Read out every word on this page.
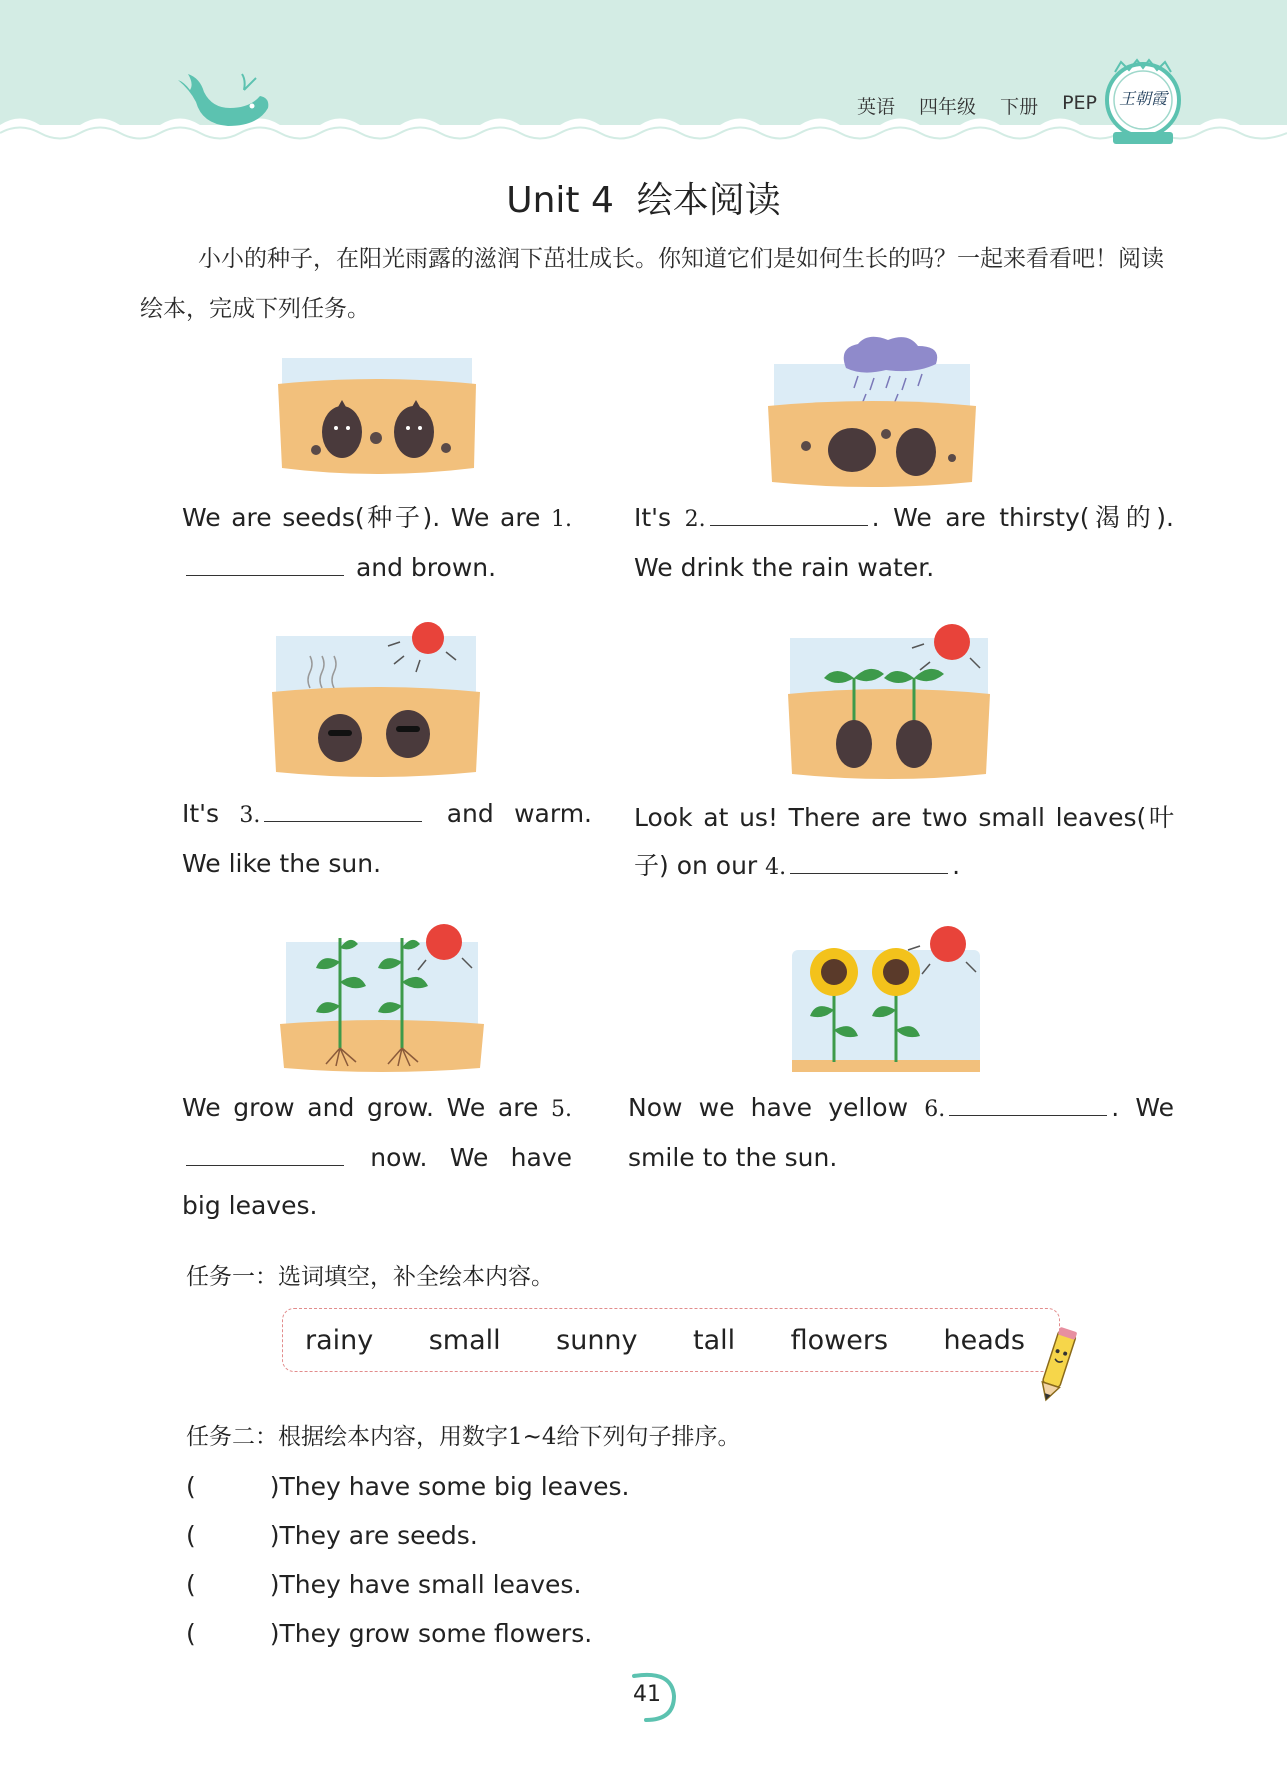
英语 四年级 下册 PEP	王朝霞
Unit 4  绘本阅读
小小的种子，在阳光雨露的滋润下茁壮成长。你知道它们是如何生长的吗？一起来看看吧！阅读绘本，完成下列任务。
We are seeds(种子). We are 1. and brown.
It's 2.	. We are thirsty(渴的). We drink the rain water.
It's 3.	and warm. We like the sun.
Look at us! There are two small leaves(叶子) on our 4.	.
We grow and grow. We are 5. now. We have big leaves.
Now we have yellow 6.	. We smile to the sun.
任务一：选词填空，补全绘本内容。
rainy small sunny tall flowers heads
任务二：根据绘本内容，用数字1~4给下列句子排序。
(	) They have some big leaves.
(	) They are seeds.
(	) They have small leaves.
(	) They grow some flowers.
41
